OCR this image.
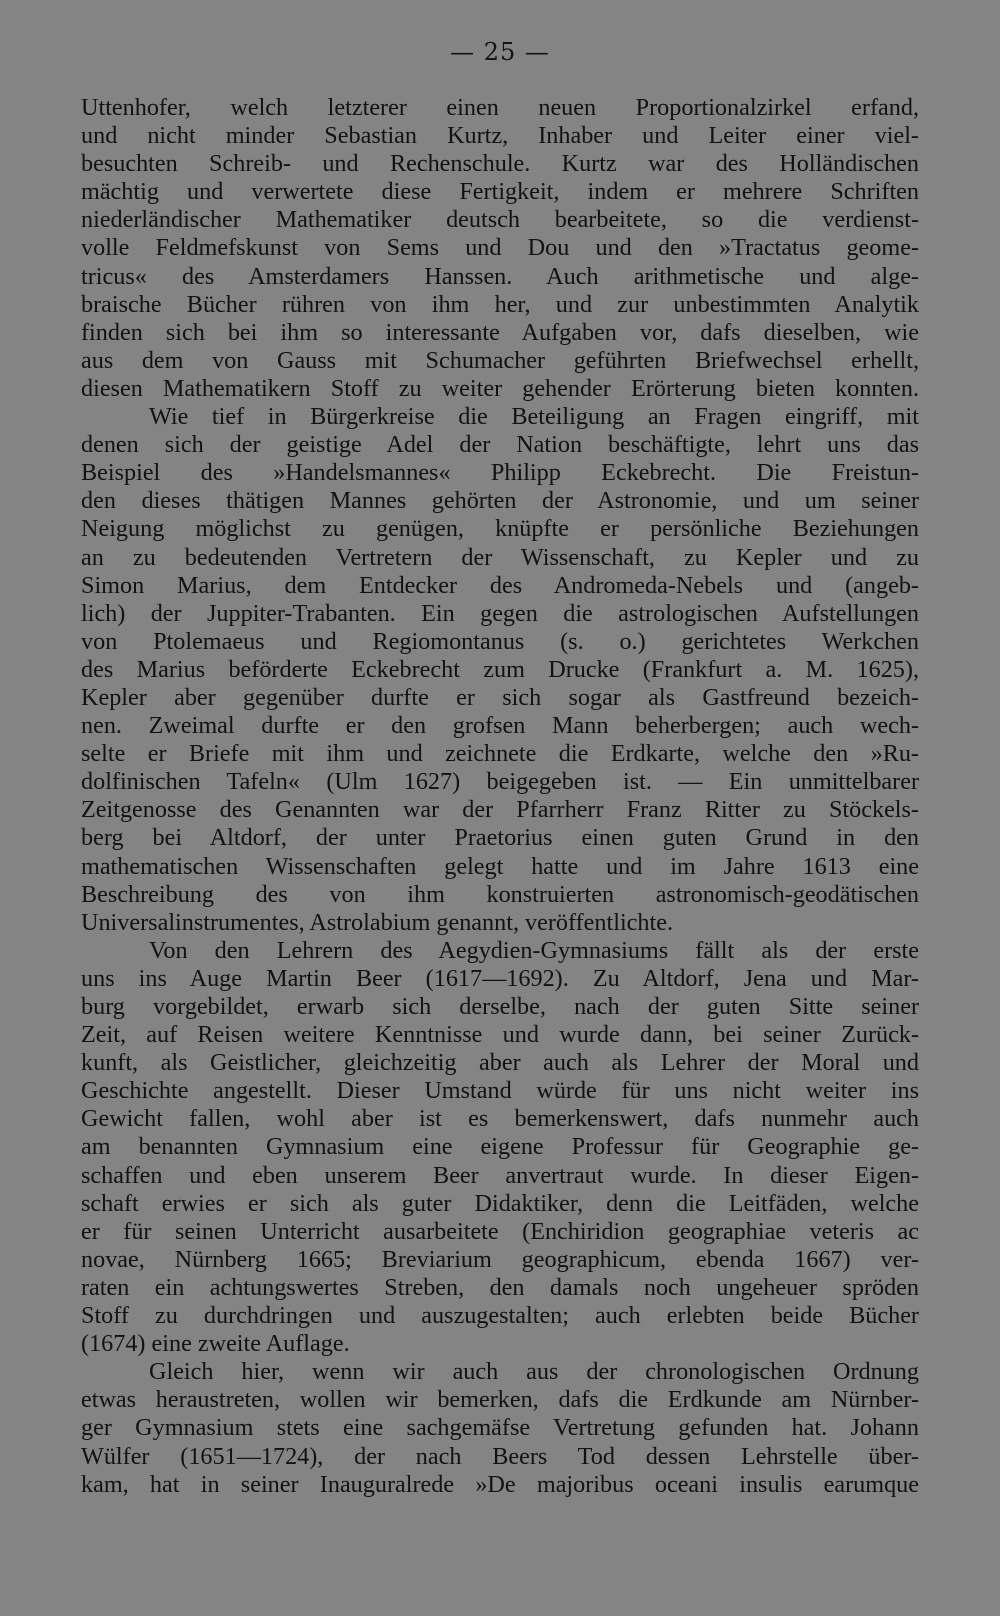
— 25 —
Uttenhofer, welch letzterer einen neuen Proportionalzirkel erfand,
und nicht minder Sebastian Kurtz, Inhaber und Leiter einer viel-
besuchten Schreib- und Rechenschule. Kurtz war des Holländischen
mächtig und verwertete diese Fertigkeit, indem er mehrere Schriften
niederländischer Mathematiker deutsch bearbeitete, so die verdienst-
volle Feldmefskunst von Sems und Dou und den »Tractatus geome-
tricus« des Amsterdamers Hanssen. Auch arithmetische und alge-
braische Bücher rühren von ihm her, und zur unbestimmten Analytik
finden sich bei ihm so interessante Aufgaben vor, dafs dieselben, wie
aus dem von Gauss mit Schumacher geführten Briefwechsel erhellt,
diesen Mathematikern Stoff zu weiter gehender Erörterung bieten konnten.
Wie tief in Bürgerkreise die Beteiligung an Fragen eingriff, mit
denen sich der geistige Adel der Nation beschäftigte, lehrt uns das
Beispiel des »Handelsmannes« Philipp Eckebrecht. Die Freistun-
den dieses thätigen Mannes gehörten der Astronomie, und um seiner
Neigung möglichst zu genügen, knüpfte er persönliche Beziehungen
an zu bedeutenden Vertretern der Wissenschaft, zu Kepler und zu
Simon Marius, dem Entdecker des Andromeda-Nebels und (angeb-
lich) der Juppiter-Trabanten. Ein gegen die astrologischen Aufstellungen
von Ptolemaeus und Regiomontanus (s. o.) gerichtetes Werkchen
des Marius beförderte Eckebrecht zum Drucke (Frankfurt a. M. 1625),
Kepler aber gegenüber durfte er sich sogar als Gastfreund bezeich-
nen. Zweimal durfte er den grofsen Mann beherbergen; auch wech-
selte er Briefe mit ihm und zeichnete die Erdkarte, welche den »Ru-
dolfinischen Tafeln« (Ulm 1627) beigegeben ist. — Ein unmittelbarer
Zeitgenosse des Genannten war der Pfarrherr Franz Ritter zu Stöckels-
berg bei Altdorf, der unter Praetorius einen guten Grund in den
mathematischen Wissenschaften gelegt hatte und im Jahre 1613 eine
Beschreibung des von ihm konstruierten astronomisch-geodätischen
Universalinstrumentes, Astrolabium genannt, veröffentlichte.
Von den Lehrern des Aegydien-Gymnasiums fällt als der erste
uns ins Auge Martin Beer (1617—1692). Zu Altdorf, Jena und Mar-
burg vorgebildet, erwarb sich derselbe, nach der guten Sitte seiner
Zeit, auf Reisen weitere Kenntnisse und wurde dann, bei seiner Zurück-
kunft, als Geistlicher, gleichzeitig aber auch als Lehrer der Moral und
Geschichte angestellt. Dieser Umstand würde für uns nicht weiter ins
Gewicht fallen, wohl aber ist es bemerkenswert, dafs nunmehr auch
am benannten Gymnasium eine eigene Professur für Geographie ge-
schaffen und eben unserem Beer anvertraut wurde. In dieser Eigen-
schaft erwies er sich als guter Didaktiker, denn die Leitfäden, welche
er für seinen Unterricht ausarbeitete (Enchiridion geographiae veteris ac
novae, Nürnberg 1665; Breviarium geographicum, ebenda 1667) ver-
raten ein achtungswertes Streben, den damals noch ungeheuer spröden
Stoff zu durchdringen und auszugestalten; auch erlebten beide Bücher
(1674) eine zweite Auflage.
Gleich hier, wenn wir auch aus der chronologischen Ordnung
etwas heraustreten, wollen wir bemerken, dafs die Erdkunde am Nürnber-
ger Gymnasium stets eine sachgemäfse Vertretung gefunden hat. Johann
Wülfer (1651—1724), der nach Beers Tod dessen Lehrstelle über-
kam, hat in seiner Inauguralrede »De majoribus oceani insulis earumque
